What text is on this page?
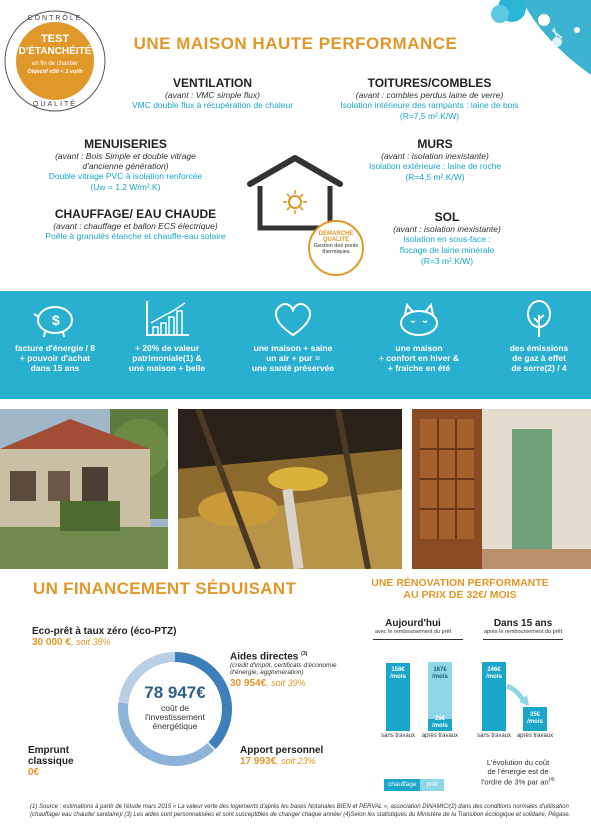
CONTRÔLE
TEST
D'ÉTANCHÉITÉ
en fin de chantier
Objectif n50 < 3 vol/h
QUALITÉ
UNE MAISON HAUTE PERFORMANCE
VENTILATION
(avant : VMC simple flux)
VMC double flux à récupération de chaleur
TOITURES/COMBLES
(avant : combles perdus laine de verre)
Isolation intérieure des rampants : laine de bois
(R=7,5 m².K/W)
MENUISERIES
(avant : Bois Simple et double vitrage
d'ancienne génération)
Double vitrage PVC à isolation renforcée
(Uw = 1.2 W/m².K)
MURS
(avant : isolation inexistante)
Isolation extérieure : laine de roche
(R=4,5 m².K/W)
DÉMARCHE
QUALITÉ
Gestion des ponts
thermiques
CHAUFFAGE/ EAU CHAUDE
(avant : chauffage et ballon ECS électrique)
Poêle à granulés étanche et chauffe-eau solaire
SOL
(avant : isolation inexistante)
Isolation en sous-face :
flocage de laine minérale
(R=3 m².K/W)
$
facture d'énergie / 8
+ pouvoir d'achat
dans 15 ans
+ 20% de valeur
patrimoniale(1) &
une maison + belle
une maison + saine
un air + pur =
une santé préservée
une maison
+ confort en hiver &
+ fraîche en été
des émissions
de gaz à effet
de serre(2) / 4
UN FINANCEMENT SÉDUISANT
Eco-prêt à taux zéro (éco-PTZ)
30 000 €, soit 38%
78 947€
coût de
l'investissement
énergétique
Aides directes $^{(3)}$
(crédit d'impôt, certificats d'économie
d'énergie, agglomération)
30 954€, soit 39%
Emprunt
classique
0€
Apport personnel
17 993€, soit 23%
UNE RÉNOVATION PERFORMANTE
AU PRIX DE 32€/ MOIS
Aujourd'hui
avec le remboursement du prêt
Dans 15 ans
après le remboursement du prêt
158€ /mois
167€ /mois
25€ /mois
246€ /mois
35€ /mois
sans travaux	après travaux	sans travaux après travaux
L'évolution du coût
de l'énergie est de
l'ordre de 3% par $an^{(4)}$
chauffage	prêt
(1) Source : estimations à partir de l'étude mars 2015 « La valeur verte des logements d'après les bases Notariales BIEN et PERVAL », association DINAMIC/(2) dans des conditions normales d'utilisation (chauffage/ eau chaude/ sanitaire)/ (3) Les aides sont personnalisées et sont susceptibles de changer chaque année/ (4)Selon les statistiques du Ministère de la Transition écologique et solidaire, Pégase.
